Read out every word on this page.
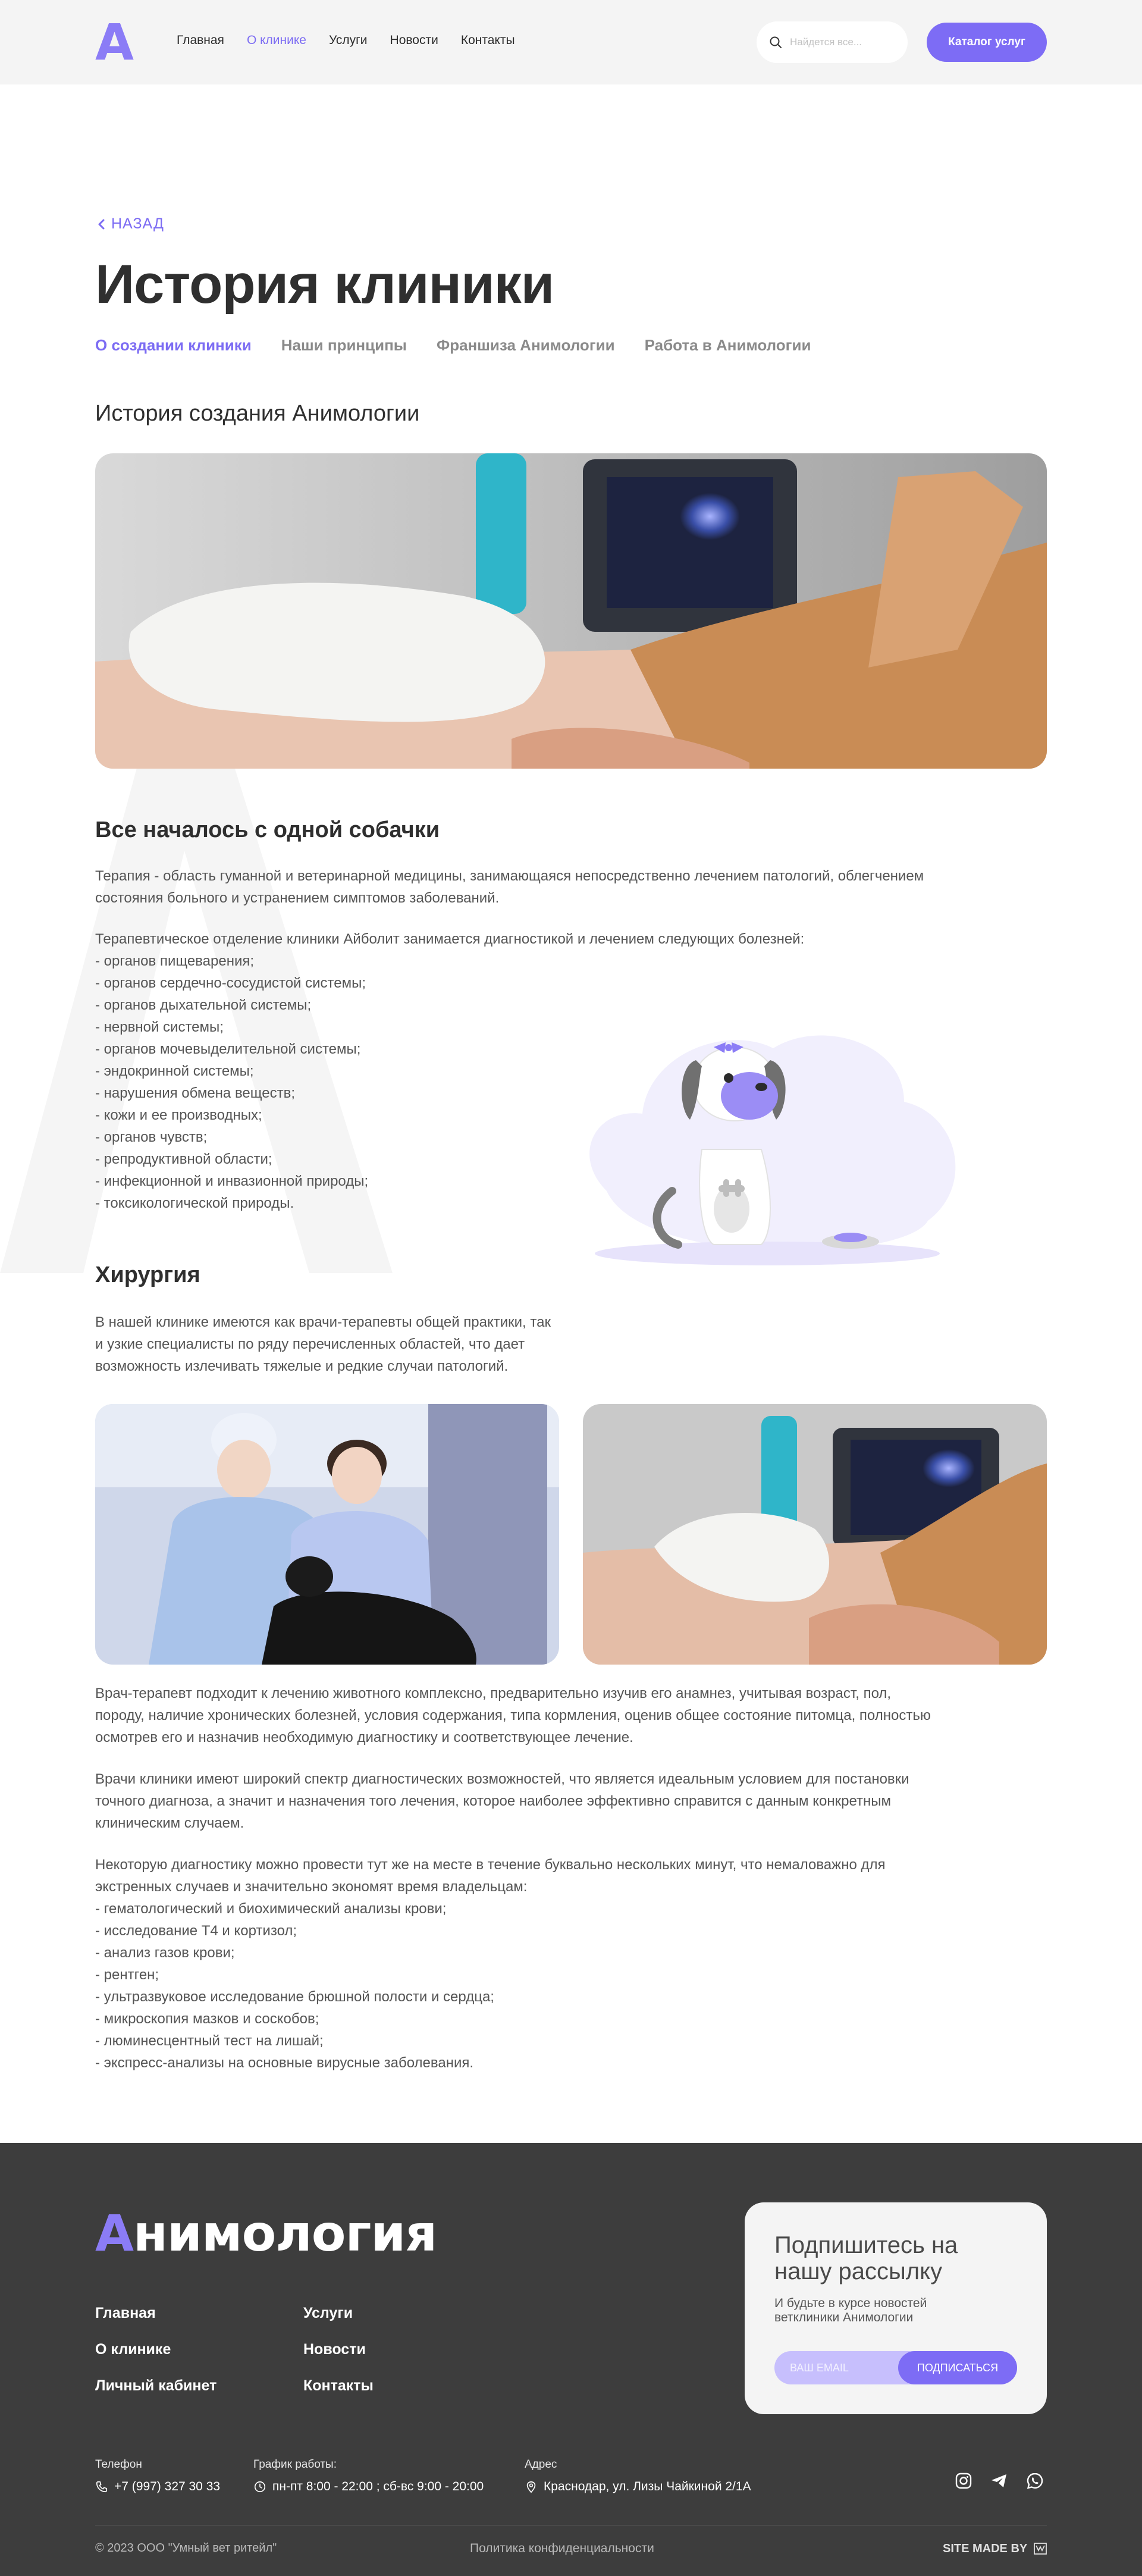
А	Главная О клинике Услуги Новости Контакты
Найдется все...	Каталог услуг
НАЗАД
История клиники
О создании клиники Наши принципы Франшиза Анимологии Работа в Анимологии
История создания Анимологии
Все началось с одной собачки
Терапия - область гуманной и ветеринарной медицины, занимающаяся непосредственно лечением патологий, облегчением
состояния больного и устранением симптомов заболеваний.
Терапевтическое отделение клиники Айболит занимается диагностикой и лечением следующих болезней:
- органов пищеварения;
- органов сердечно-сосудистой системы;
- органов дыхательной системы;
- нервной системы;
- органов мочевыделительной системы;
- эндокринной системы;
- нарушения обмена веществ;
- кожи и ее производных;
- органов чувств;
- репродуктивной области;
- инфекционной и инвазионной природы;
- токсикологической природы.
Хирургия
В нашей клинике имеются как врачи-терапевты общей практики, так
и узкие специалисты по ряду перечисленных областей, что дает
возможность излечивать тяжелые и редкие случаи патологий.
Врач-терапевт подходит к лечению животного комплексно, предварительно изучив его анамнез, учитывая возраст, пол,
породу, наличие хронических болезней, условия содержания, типа кормления, оценив общее состояние питомца, полностью
осмотрев его и назначив необходимую диагностику и соответствующее лечение.
Врачи клиники имеют широкий спектр диагностических возможностей, что является идеальным условием для постановки
точного диагноза, а значит и назначения того лечения, которое наиболее эффективно справится с данным конкретным
клиническим случаем.
Некоторую диагностику можно провести тут же на месте в течение буквально нескольких минут, что немаловажно для
экстренных случаев и значительно экономят время владельцам:
- гематологический и биохимический анализы крови;
- исследование Т4 и кортизол;
- анализ газов крови;
- рентген;
- ультразвуковое исследование брюшной полости и сердца;
- микроскопия мазков и соскобов;
- люминесцентный тест на лишай;
- экспресс-анализы на основные вирусные заболевания.
Анимология
Главная	Услуги
О клинике	Новости
Личный кабинет	Контакты
Подпишитесь на нашу рассылку
И будьте в курсе новостей ветклиники Анимологии
ВАШ EMAIL
ПОДПИСАТЬСЯ
Телефон
+7 (997) 327 30 33
График работы:
пн-пт 8:00 - 22:00 ; сб-вс 9:00 - 20:00
Адрес
Краснодар, ул. Лизы Чайкиной 2/1А
© 2023 ООО "Умный вет ритейл"	Политика конфиденциальности	SITE MADE BY
